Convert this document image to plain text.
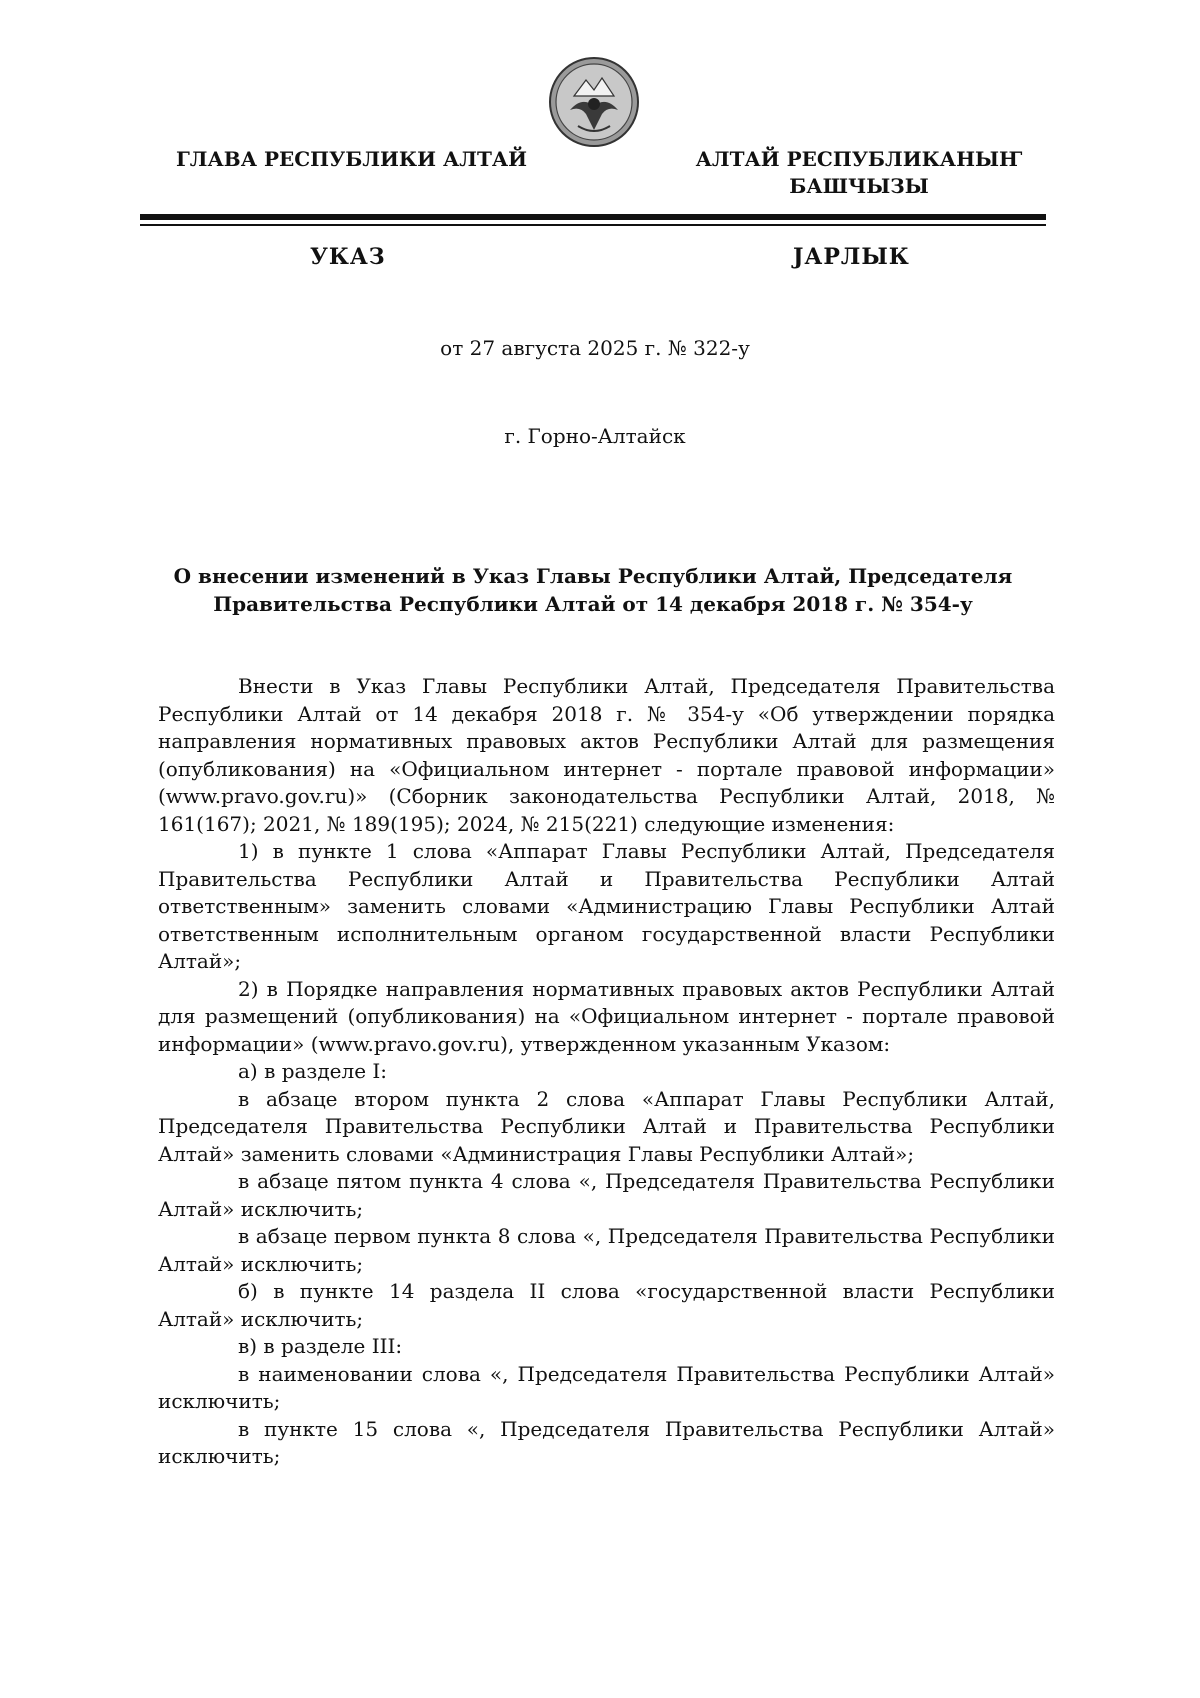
ГЛАВА РЕСПУБЛИКИ АЛТАЙ	АЛТАЙ РЕСПУБЛИКАНЫҤ
БАШЧЫЗЫ
УКАЗ	JАРЛЫК
от 27 августа 2025 г. № 322-у
г. Горно-Алтайск
О внесении изменений в Указ Главы Республики Алтай, Председателя
Правительства Республики Алтай от 14 декабря 2018 г. № 354-у

Внести в Указ Главы Республики Алтай, Председателя Правительства Республики Алтай от 14 декабря 2018 г. № 354-у «Об утверждении порядка направления нормативных правовых актов Республики Алтай для размещения (опубликования) на «Официальном интернет - портале правовой информации» (www.pravo.gov.ru)» (Сборник законодательства Республики Алтай, 2018, № 161(167); 2021, № 189(195); 2024, № 215(221) следующие изменения:

1) в пункте 1 слова «Аппарат Главы Республики Алтай, Председателя Правительства Республики Алтай и Правительства Республики Алтай ответственным» заменить словами «Администрацию Главы Республики Алтай ответственным исполнительным органом государственной власти Республики Алтай»;

2) в Порядке направления нормативных правовых актов Республики Алтай для размещений (опубликования) на «Официальном интернет - портале правовой информации» (www.pravo.gov.ru), утвержденном указанным Указом:

а) в разделе I:

в абзаце втором пункта 2 слова «Аппарат Главы Республики Алтай, Председателя Правительства Республики Алтай и Правительства Республики Алтай» заменить словами «Администрация Главы Республики Алтай»;

в абзаце пятом пункта 4 слова «, Председателя Правительства Республики Алтай» исключить;

в абзаце первом пункта 8 слова «, Председателя Правительства Республики Алтай» исключить;

б) в пункте 14 раздела II слова «государственной власти Республики Алтай» исключить;

в) в разделе III:

в наименовании слова «, Председателя Правительства Республики Алтай» исключить;

в пункте 15 слова «, Председателя Правительства Республики Алтай» исключить;
